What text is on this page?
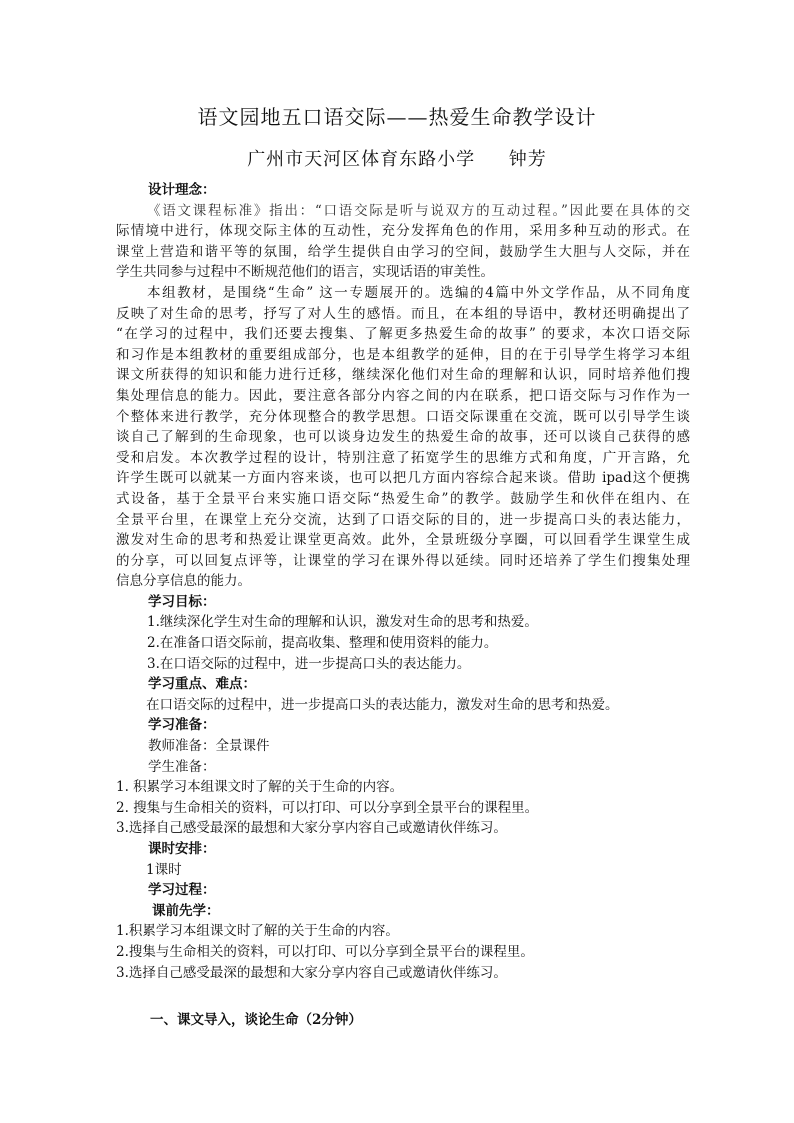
语文园地五口语交际——热爱生命教学设计
广州市天河区体育东路小学     钟芳
设计理念：
《语文课程标准》指出：“口语交际是听与说双方的互动过程。”因此要在具体的交
际情境中进行，体现交际主体的互动性，充分发挥角色的作用，采用多种互动的形式。在
课堂上营造和谐平等的氛围，给学生提供自由学习的空间，鼓励学生大胆与人交际，并在
学生共同参与过程中不断规范他们的语言，实现话语的审美性。
本组教材，是围绕“生命” 这一专题展开的。选编的4篇中外文学作品，从不同角度
反映了对生命的思考，抒写了对人生的感悟。而且，在本组的导语中，教材还明确提出了
“在学习的过程中，我们还要去搜集、了解更多热爱生命的故事” 的要求，本次口语交际
和习作是本组教材的重要组成部分，也是本组教学的延伸，目的在于引导学生将学习本组
课文所获得的知识和能力进行迁移，继续深化他们对生命的理解和认识，同时培养他们搜
集处理信息的能力。因此，要注意各部分内容之间的内在联系，把口语交际与习作作为一
个整体来进行教学，充分体现整合的教学思想。口语交际课重在交流，既可以引导学生谈
谈自己了解到的生命现象，也可以谈身边发生的热爱生命的故事，还可以谈自己获得的感
受和启发。本次教学过程的设计，特别注意了拓宽学生的思维方式和角度，广开言路，允
许学生既可以就某一方面内容来谈，也可以把几方面内容综合起来谈。借助 ipad这个便携
式设备，基于全景平台来实施口语交际“热爱生命”的教学。鼓励学生和伙伴在组内、在
全景平台里，在课堂上充分交流，达到了口语交际的目的，进一步提高口头的表达能力，
激发对生命的思考和热爱让课堂更高效。此外，全景班级分享圈，可以回看学生课堂生成
的分享，可以回复点评等，让课堂的学习在课外得以延续。同时还培养了学生们搜集处理
信息分享信息的能力。
学习目标：
1.继续深化学生对生命的理解和认识，激发对生命的思考和热爱。
2.在准备口语交际前，提高收集、整理和使用资料的能力。
3.在口语交际的过程中，进一步提高口头的表达能力。
学习重点、难点：
在口语交际的过程中，进一步提高口头的表达能力，激发对生命的思考和热爱。
学习准备：
教师准备：全景课件
学生准备：
1. 积累学习本组课文时了解的关于生命的内容。
2. 搜集与生命相关的资料，可以打印、可以分享到全景平台的课程里。
3.选择自己感受最深的最想和大家分享内容自己或邀请伙伴练习。
课时安排：
1课时
学习过程：
课前先学：
1.积累学习本组课文时了解的关于生命的内容。
2.搜集与生命相关的资料，可以打印、可以分享到全景平台的课程里。
3.选择自己感受最深的最想和大家分享内容自己或邀请伙伴练习。
一、课文导入，谈论生命（2分钟）
